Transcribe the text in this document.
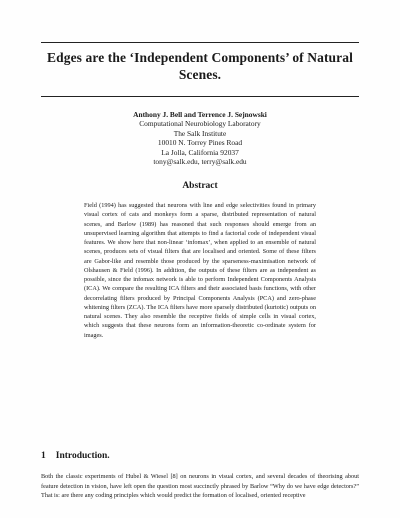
Edges are the ‘Independent Components’ of Natural Scenes.
Anthony J. Bell and Terrence J. Sejnowski
Computational Neurobiology Laboratory
The Salk Institute
10010 N. Torrey Pines Road
La Jolla, California 92037
tony@salk.edu, terry@salk.edu
Abstract
Field (1994) has suggested that neurons with line and edge selectivities found in primary visual cortex of cats and monkeys form a sparse, distributed representation of natural scenes, and Barlow (1989) has reasoned that such responses should emerge from an unsupervised learning algorithm that attempts to find a factorial code of independent visual features. We show here that non-linear ‘infomax’, when applied to an ensemble of natural scenes, produces sets of visual filters that are localised and oriented. Some of these filters are Gabor-like and resemble those produced by the sparseness-maximisation network of Olshausen & Field (1996). In addition, the outputs of these filters are as independent as possible, since the infomax network is able to perform Independent Components Analysis (ICA). We compare the resulting ICA filters and their associated basis functions, with other decorrelating filters produced by Principal Components Analysis (PCA) and zero-phase whitening filters (ZCA). The ICA filters have more sparsely distributed (kurtotic) outputs on natural scenes. They also resemble the receptive fields of simple cells in visual cortex, which suggests that these neurons form an information-theoretic co-ordinate system for images.
1 Introduction.
Both the classic experiments of Hubel & Wiesel [8] on neurons in visual cortex, and several decades of theorising about feature detection in vision, have left open the question most succinctly phrased by Barlow “Why do we have edge detectors?” That is: are there any coding principles which would predict the formation of localised, oriented receptive
